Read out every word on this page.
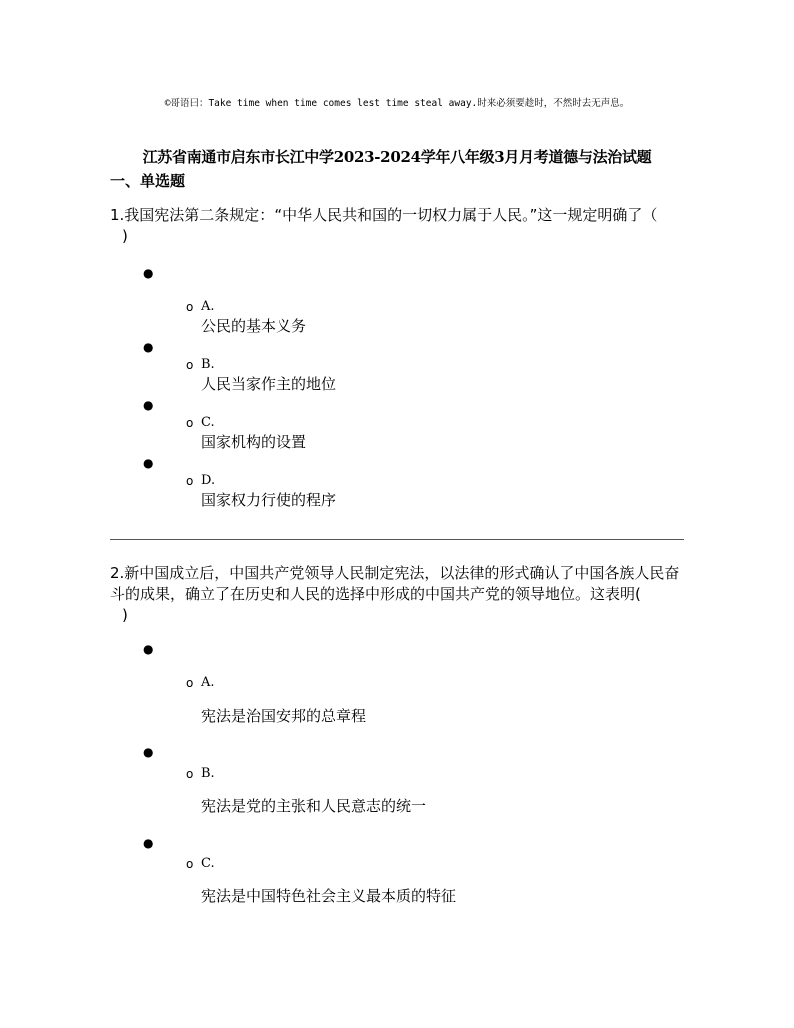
©哥语曰：Take time when time comes lest time steal away.时来必须要趁时，不然时去无声息。
江苏省南通市启东市长江中学2023-2024学年八年级3月月考道德与法治试题
一、单选题
1.我国宪法第二条规定：“中华人民共和国的一切权力属于人民。”这一规定明确了（
)
●
o A.
公民的基本义务
●
o B.
人民当家作主的地位
●
o C.
国家机构的设置
●
o D.
国家权力行使的程序
2.新中国成立后，中国共产党领导人民制定宪法，以法律的形式确认了中国各族人民奋斗的成果，确立了在历史和人民的选择中形成的中国共产党的领导地位。这表明(
)
●
o A.
宪法是治国安邦的总章程
●
o B.
宪法是党的主张和人民意志的统一
●
o C.
宪法是中国特色社会主义最本质的特征
